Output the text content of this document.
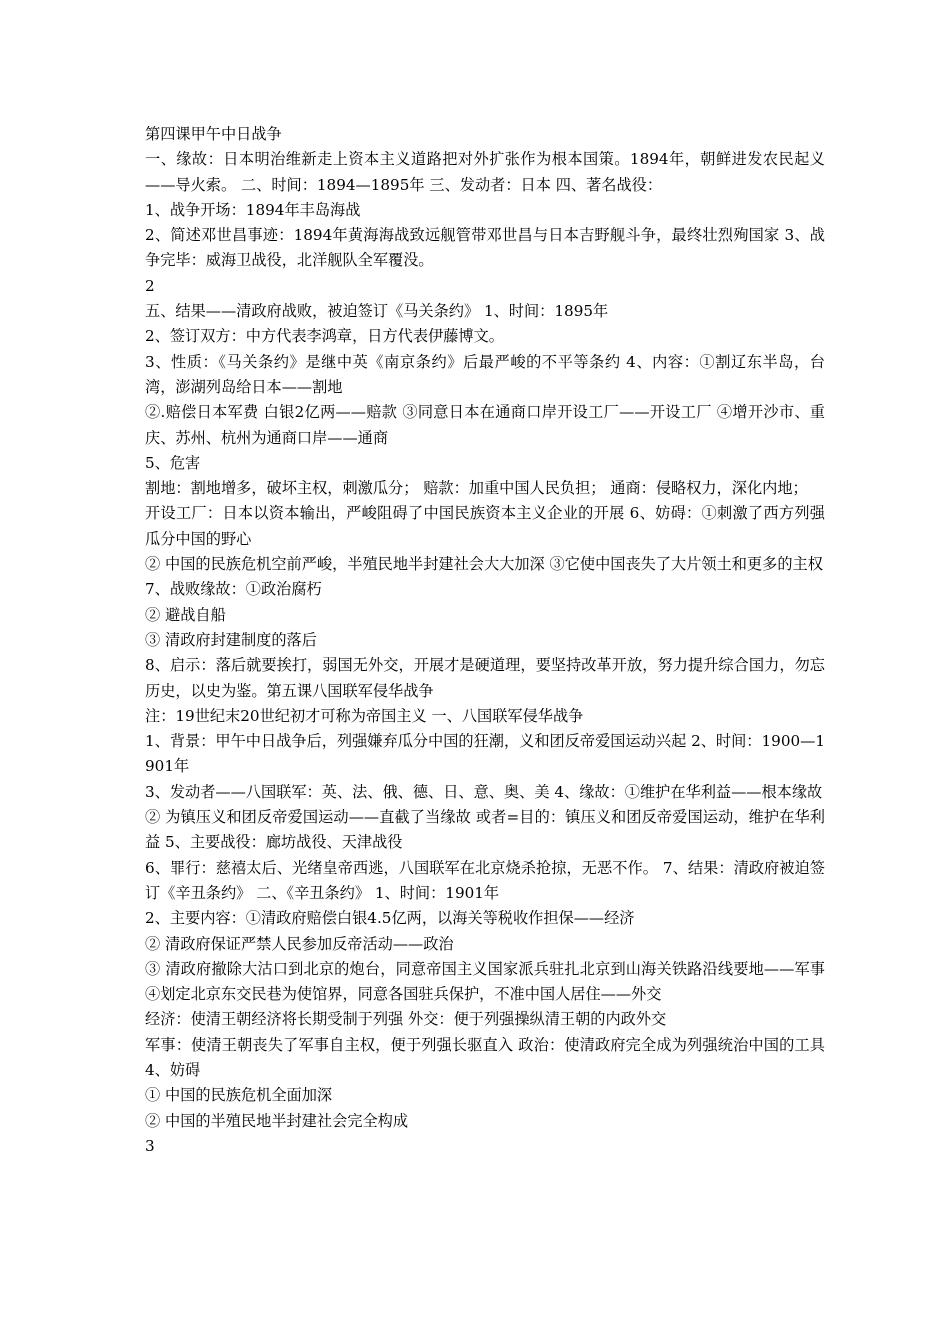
第四课甲午中日战争

一、缘故：日本明治维新走上资本主义道路把对外扩张作为根本国策。1894年，朝鲜进发农民起义——导火索。 二、时间：1894—1895年 三、发动者：日本 四、著名战役：

1、战争开场：1894年丰岛海战

2、简述邓世昌事迹：1894年黄海海战致远舰管带邓世昌与日本吉野舰斗争，最终壮烈殉国家 3、战争完毕：威海卫战役，北洋舰队全军覆没。

2

五、结果——清政府战败，被迫签订《马关条约》 1、时间：1895年

2、签订双方：中方代表李鸿章，日方代表伊藤博文。

3、性质：《马关条约》是继中英《南京条约》后最严峻的不平等条约 4、内容：①割辽东半岛，台湾，澎湖列岛给日本——割地

②.赔偿日本军费 白银2亿两——赔款 ③同意日本在通商口岸开设工厂——开设工厂 ④增开沙市、重庆、苏州、杭州为通商口岸——通商

5、危害

割地：割地增多，破坏主权，刺激瓜分； 赔款：加重中国人民负担； 通商：侵略权力，深化内地；

开设工厂：日本以资本输出，严峻阻碍了中国民族资本主义企业的开展 6、妨碍：①刺激了西方列强瓜分中国的野心

② 中国的民族危机空前严峻，半殖民地半封建社会大大加深 ③它使中国丧失了大片领土和更多的主权

7、战败缘故：①政治腐朽

② 避战自船

③ 清政府封建制度的落后

8、启示：落后就要挨打，弱国无外交，开展才是硬道理，要坚持改革开放，努力提升综合国力，勿忘历史，以史为鉴。第五课八国联军侵华战争

注：19世纪末20世纪初才可称为帝国主义 一、八国联军侵华战争

1、背景：甲午中日战争后，列强嫌弃瓜分中国的狂潮，义和团反帝爱国运动兴起 2、时间：1900—1901年

3、发动者——八国联军：英、法、俄、德、日、意、奥、美 4、缘故：①维护在华利益——根本缘故

② 为镇压义和团反帝爱国运动——直截了当缘故 或者=目的：镇压义和团反帝爱国运动，维护在华利益 5、主要战役：廊坊战役、天津战役

6、罪行：慈禧太后、光绪皇帝西逃，八国联军在北京烧杀抢掠，无恶不作。 7、结果：清政府被迫签订《辛丑条约》 二、《辛丑条约》 1、时间：1901年

2、主要内容：①清政府赔偿白银4.5亿两，以海关等税收作担保——经济

② 清政府保证严禁人民参加反帝活动——政治

③ 清政府撤除大沽口到北京的炮台，同意帝国主义国家派兵驻扎北京到山海关铁路沿线要地——军事 ④划定北京东交民巷为使馆界，同意各国驻兵保护，不准中国人居住——外交

经济：使清王朝经济将长期受制于列强 外交：便于列强操纵清王朝的内政外交

军事：使清王朝丧失了军事自主权，便于列强长驱直入 政治：使清政府完全成为列强统治中国的工具 4、妨碍

① 中国的民族危机全面加深

② 中国的半殖民地半封建社会完全构成

3
